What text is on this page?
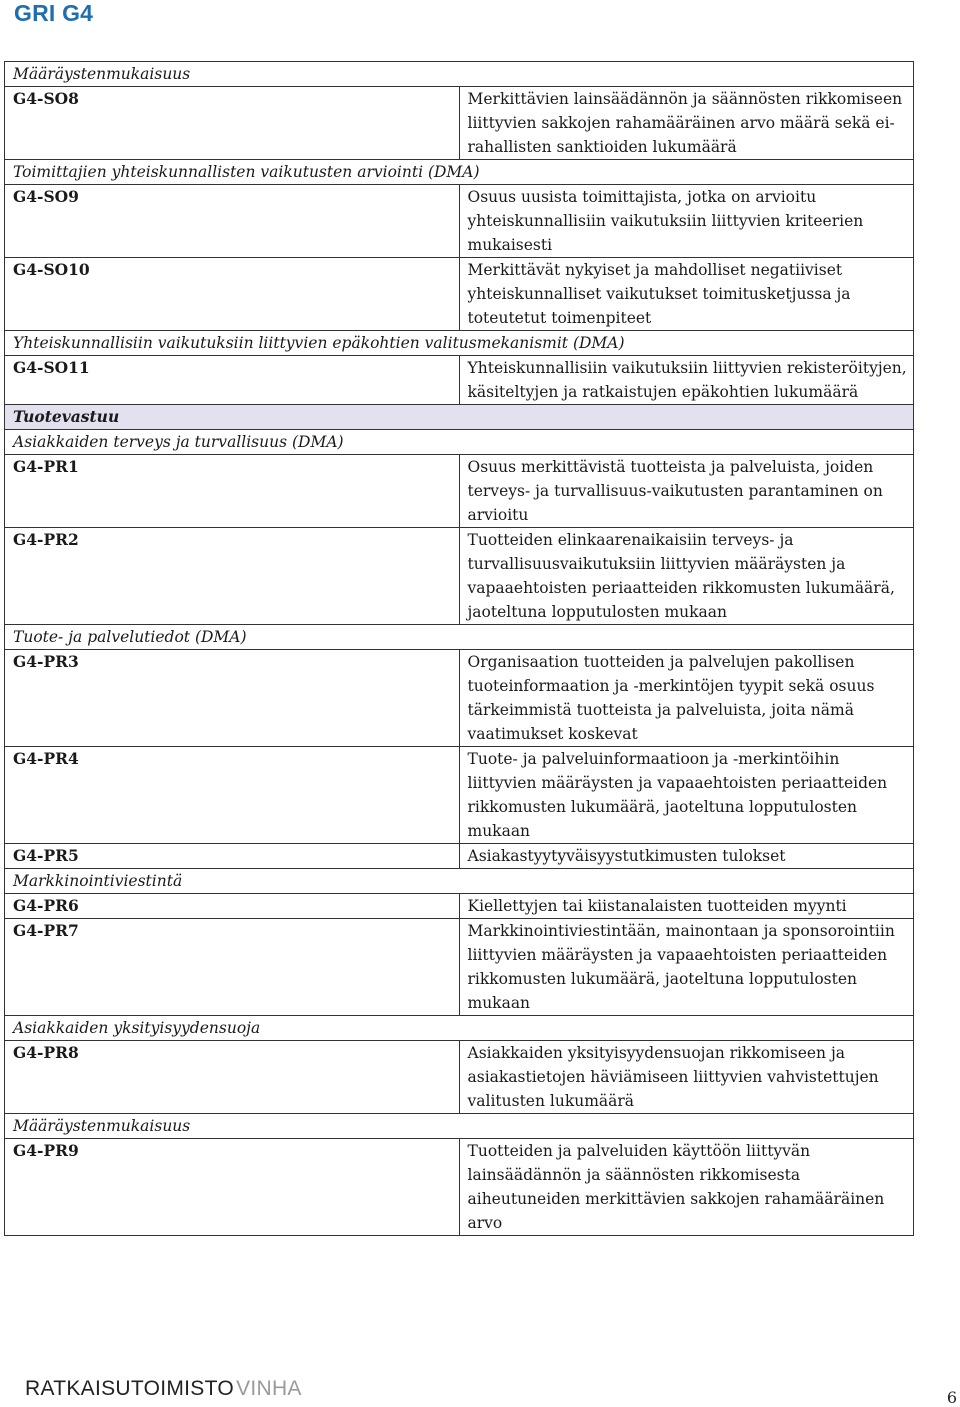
GRI G4
Määräystenmukaisuus	
G4-SO8	Merkittävien lainsäädännön ja säännösten rikkomiseen liittyvien sakkojen rahamääräinen arvo määrä sekä ei-rahallisten sanktioiden lukumäärä
Toimittajien yhteiskunnallisten vaikutusten arviointi (DMA)	
G4-SO9	Osuus uusista toimittajista, jotka on arvioitu yhteiskunnallisiin vaikutuksiin liittyvien kriteerien mukaisesti
G4-SO10	Merkittävät nykyiset ja mahdolliset negatiiviset yhteiskunnalliset vaikutukset toimitusketjussa ja toteutetut toimenpiteet
Yhteiskunnallisiin vaikutuksiin liittyvien epäkohtien valitusmekanismit (DMA)	
G4-SO11	Yhteiskunnallisiin vaikutuksiin liittyvien rekisteröityjen, käsiteltyjen ja ratkaistujen epäkohtien lukumäärä
Tuotevastuu	
Asiakkaiden terveys ja turvallisuus (DMA)	
G4-PR1	Osuus merkittävistä tuotteista ja palveluista, joiden terveys- ja turvallisuus-vaikutusten parantaminen on arvioitu
G4-PR2	Tuotteiden elinkaarenaikaisiin terveys- ja turvallisuusvaikutuksiin liittyvien määräysten ja vapaaehtoisten periaatteiden rikkomusten lukumäärä, jaoteltuna lopputulosten mukaan
Tuote- ja palvelutiedot (DMA)	
G4-PR3	Organisaation tuotteiden ja palvelujen pakollisen tuoteinformaation ja -merkintöjen tyypit sekä osuus tärkeimmistä tuotteista ja palveluista, joita nämä vaatimukset koskevat
G4-PR4	Tuote- ja palveluinformaatioon ja -merkintöihin liittyvien määräysten ja vapaaehtoisten periaatteiden rikkomusten lukumäärä, jaoteltuna lopputulosten mukaan
G4-PR5	Asiakastyytyväisyystutkimusten tulokset
Markkinointiviestintä	
G4-PR6	Kiellettyjen tai kiistanalaisten tuotteiden myynti
G4-PR7	Markkinointiviestintään, mainontaan ja sponsorointiin liittyvien määräysten ja vapaaehtoisten periaatteiden rikkomusten lukumäärä, jaoteltuna lopputulosten mukaan
Asiakkaiden yksityisyydensuoja	
G4-PR8	Asiakkaiden yksityisyydensuojan rikkomiseen ja asiakastietojen häviämiseen liittyvien vahvistettujen valitusten lukumäärä
Määräystenmukaisuus	
G4-PR9	Tuotteiden ja palveluiden käyttöön liittyvän lainsäädännön ja säännösten rikkomisesta aiheutuneiden merkittävien sakkojen rahamääräinen arvo
RATKAISUTOIMISTO VINHA	6
